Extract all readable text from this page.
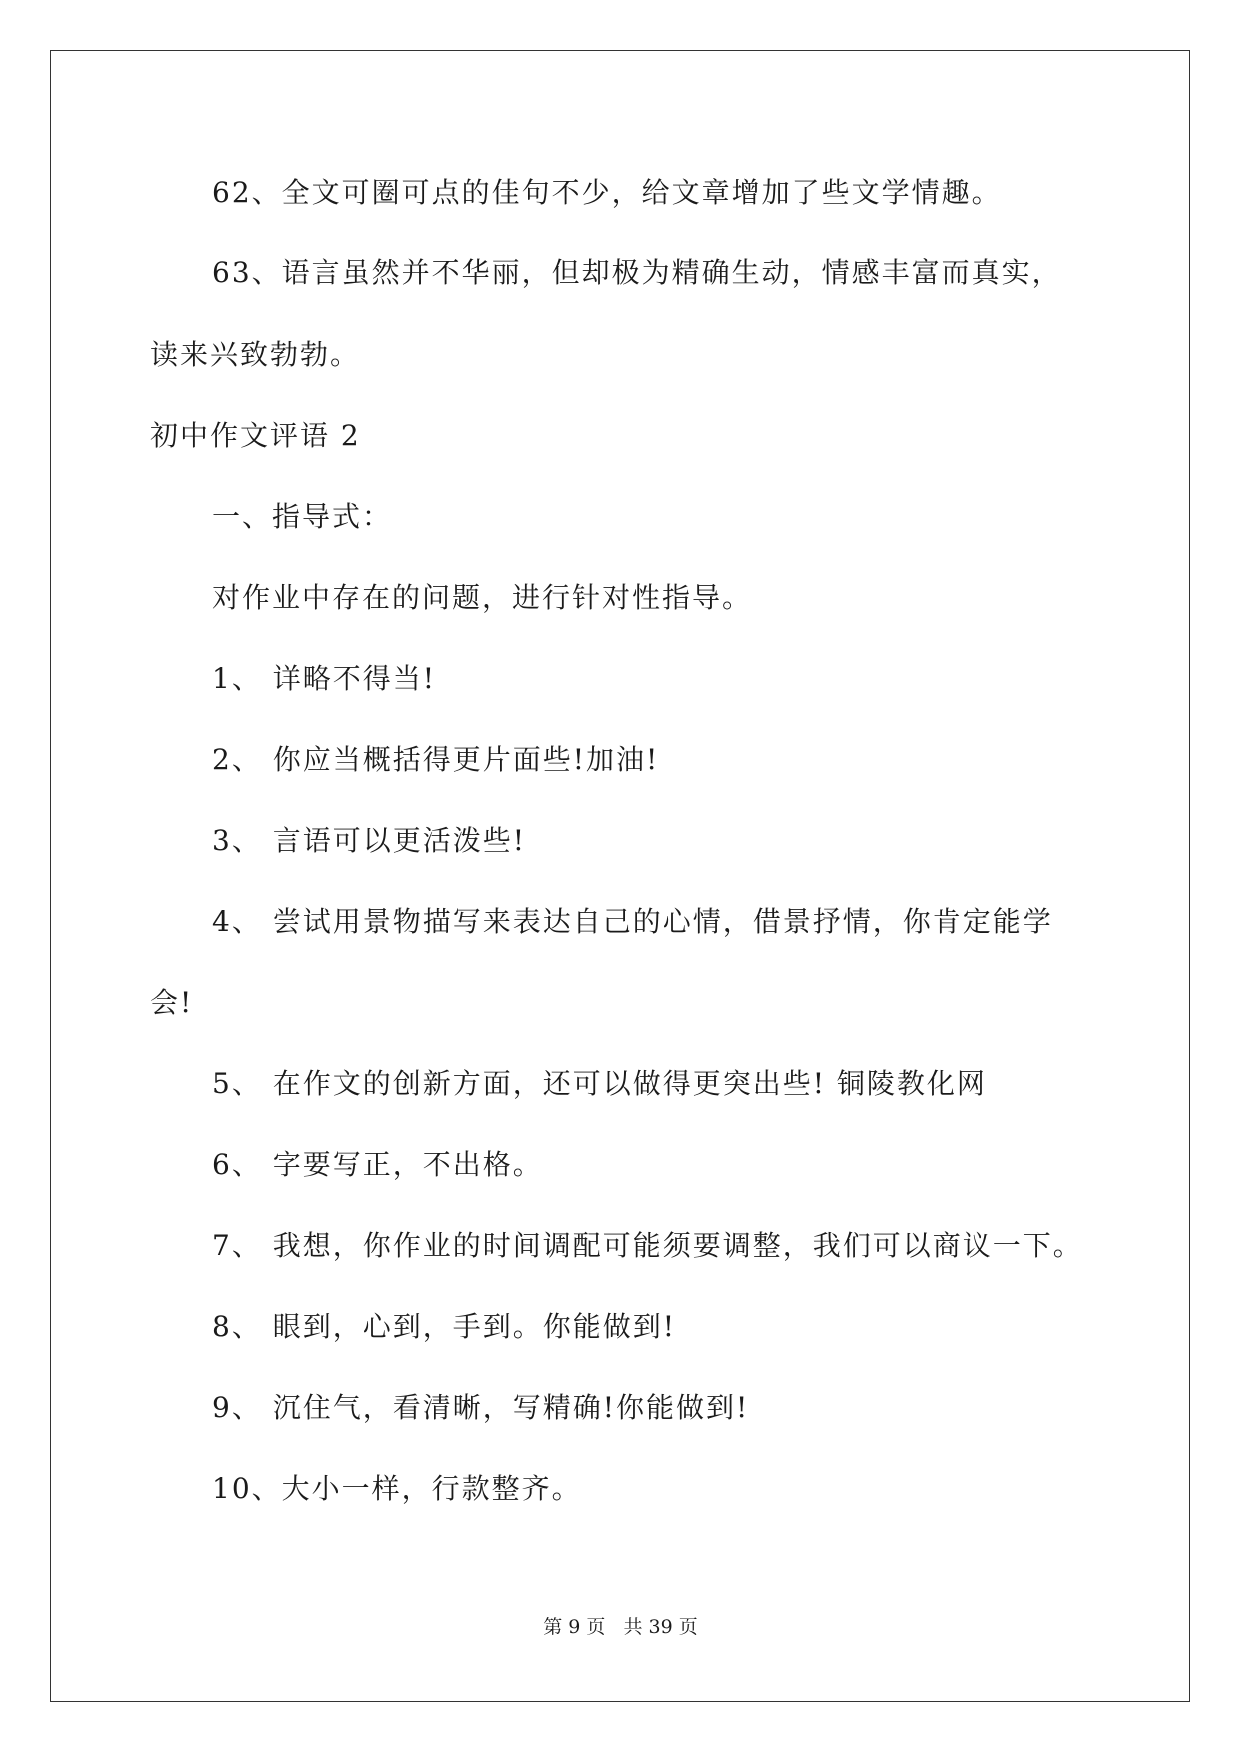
62、全文可圈可点的佳句不少，给文章增加了些文学情趣。
63、语言虽然并不华丽，但却极为精确生动，情感丰富而真实，
读来兴致勃勃。
初中作文评语 2
一、指导式：
对作业中存在的问题，进行针对性指导。
1、 详略不得当!
2、 你应当概括得更片面些!加油!
3、 言语可以更活泼些!
4、 尝试用景物描写来表达自己的心情，借景抒情，你肯定能学
会!
5、 在作文的创新方面，还可以做得更突出些! 铜陵教化网
6、 字要写正，不出格。
7、 我想，你作业的时间调配可能须要调整，我们可以商议一下。
8、 眼到，心到，手到。你能做到!
9、 沉住气，看清晰，写精确!你能做到!
10、大小一样，行款整齐。
第 9 页   共 39 页
